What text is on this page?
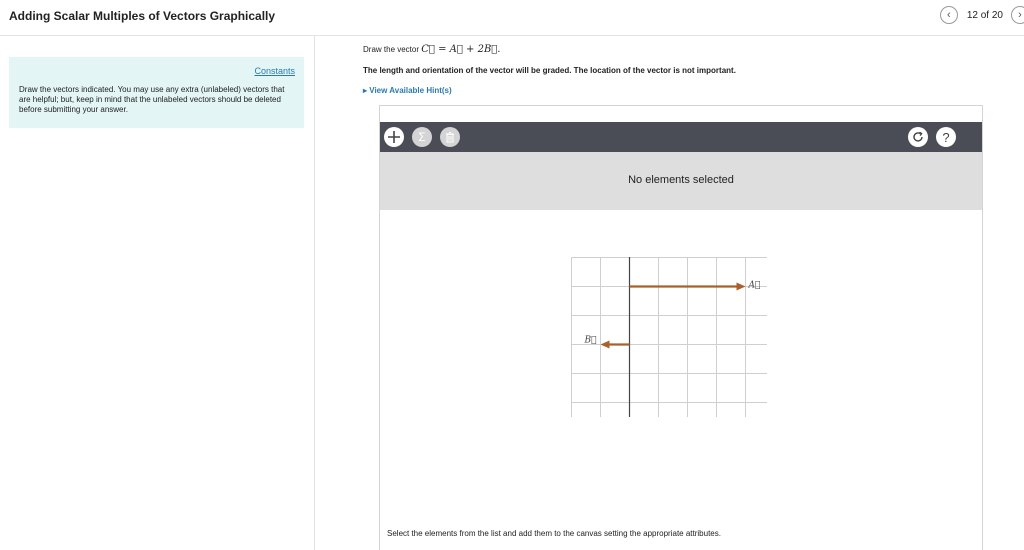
Adding Scalar Multiples of Vectors Graphically	‹ 12 of 20 ›
Constants
Draw the vectors indicated. You may use any extra (unlabeled) vectors that are helpful; but, keep in mind that the unlabeled vectors should be deleted before submitting your answer.
Draw the vector C⃗ = A⃗ + 2B⃗.
The length and orientation of the vector will be graded. The location of the vector is not important.
▸ View Available Hint(s)
Σ	?
No elements selected
A⃗
B⃗
Select the elements from the list and add them to the canvas setting the appropriate attributes.
